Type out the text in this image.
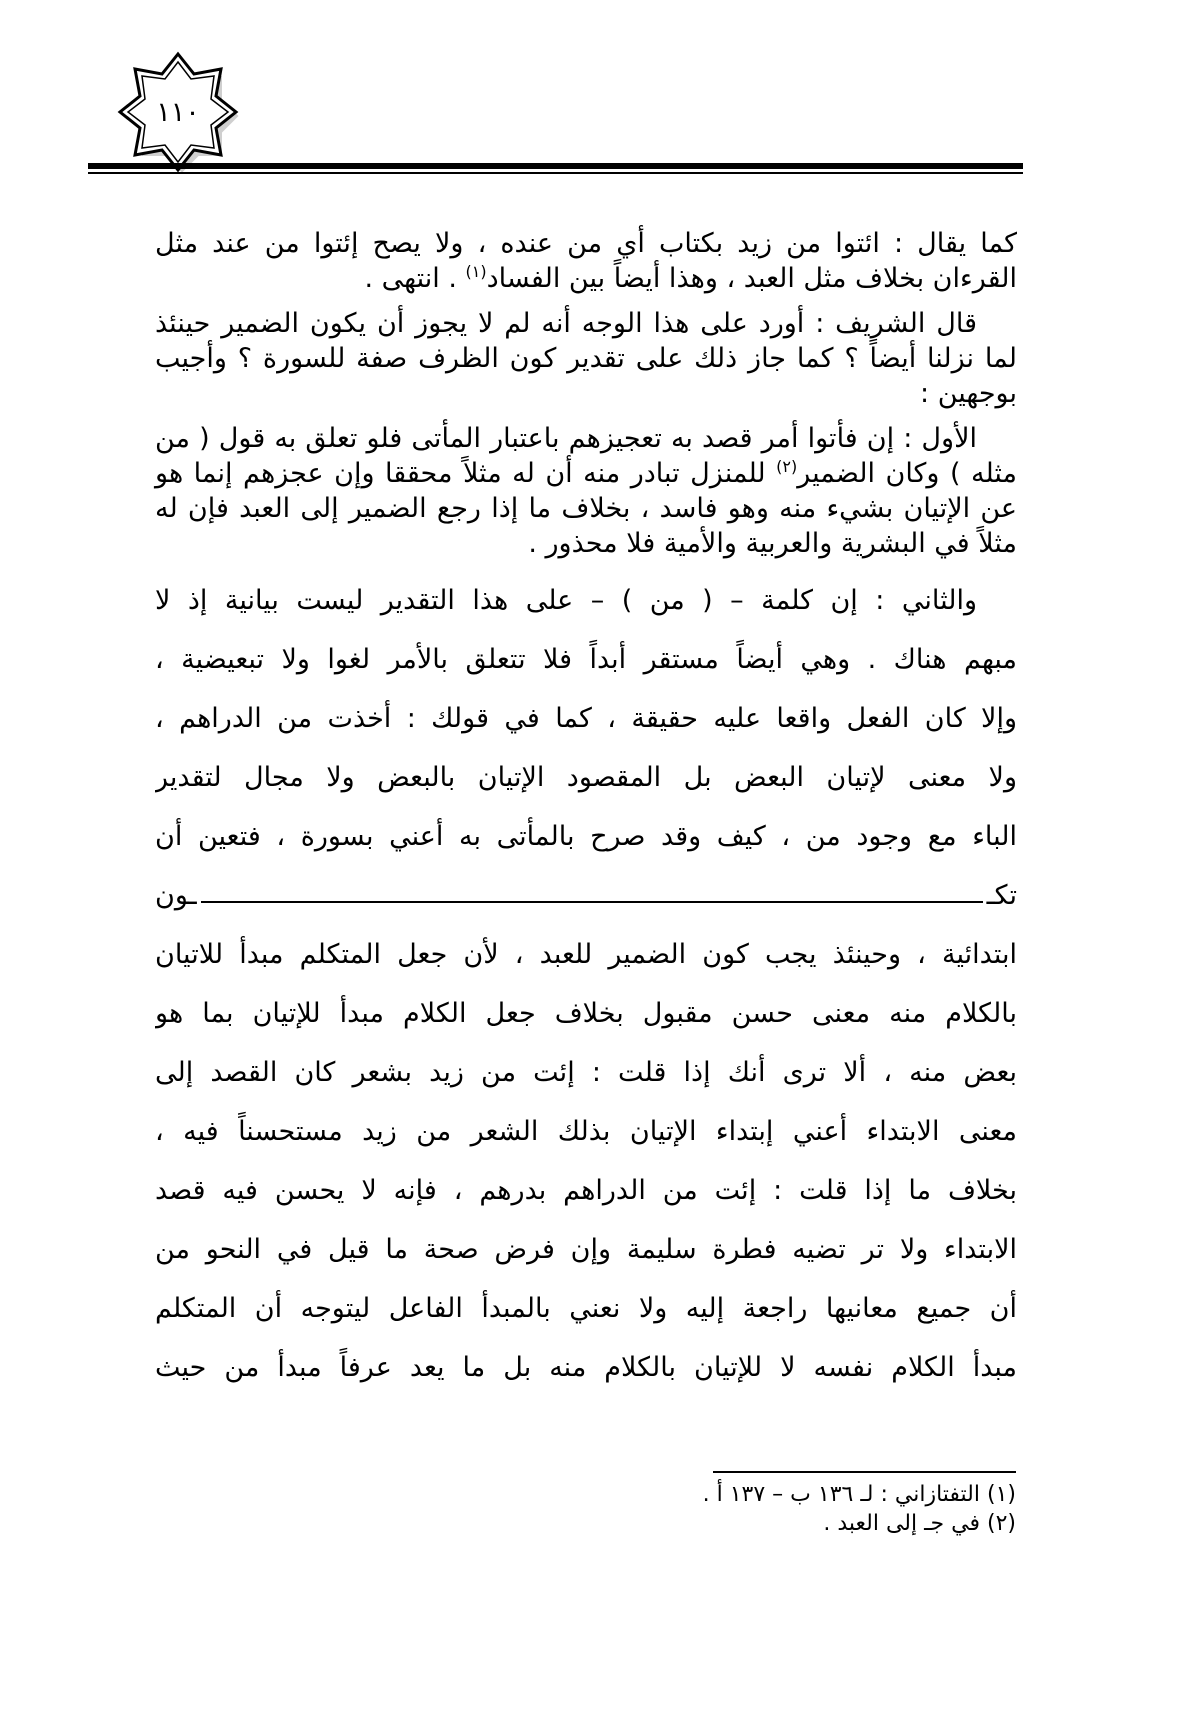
١١٠

كما يقال : ائتوا من زيد بكتاب أي من عنده ، ولا يصح إئتوا من عند مثل القرءان بخلاف مثل العبد ، وهذا أيضاً بين الفساد$^{(١)}$ . انتهى .

قال الشريف : أورد على هذا الوجه أنه لم لا يجوز أن يكون الضمير حينئذ لما نزلنا أيضاً ؟ كما جاز ذلك على تقدير كون الظرف صفة للسورة ؟ وأجيب بوجهين :

الأول : إن فأتوا أمر قصد به تعجيزهم باعتبار المأتى فلو تعلق به قول ( من مثله ) وكان الضمير$^{(٢)}$ للمنزل تبادر منه أن له مثلاً محققا وإن عجزهم إنما هو عن الإتيان بشيء منه وهو فاسد ، بخلاف ما إذا رجع الضمير إلى العبد فإن له مثلاً في البشرية والعربية والأمية فلا محذور .

والثاني : إن كلمة – ( من ) – على هذا التقدير ليست بيانية إذ لا
مبهم هناك . وهي أيضاً مستقر أبداً فلا تتعلق بالأمر لغوا ولا تبعيضية ،
وإلا كان الفعل واقعا عليه حقيقة ، كما في قولك : أخذت من الدراهم ،
ولا معنى لإتيان البعض بل المقصود الإتيان بالبعض ولا مجال لتقدير
الباء مع وجود من ، كيف وقد صرح بالمأتى به أعني بسورة ، فتعين أن
تكـ
ـون
ابتدائية ، وحينئذ يجب كون الضمير للعبد ، لأن جعل المتكلم مبدأ للاتيان
بالكلام منه معنى حسن مقبول بخلاف جعل الكلام مبدأ للإتيان بما هو
بعض منه ، ألا ترى أنك إذا قلت : إئت من زيد بشعر كان القصد إلى
معنى الابتداء أعني إبتداء الإتيان بذلك الشعر من زيد مستحسناً فيه ،
بخلاف ما إذا قلت : إئت من الدراهم بدرهم ، فإنه لا يحسن فيه قصد
الابتداء ولا تر تضيه فطرة سليمة وإن فرض صحة ما قيل في النحو من
أن جميع معانيها راجعة إليه ولا نعني بالمبدأ الفاعل ليتوجه أن المتكلم
مبدأ الكلام نفسه لا للإتيان بالكلام منه بل ما يعد عرفاً مبدأ من حيث
(١) التفتازاني : لـ ١٣٦ ب – ١٣٧ أ .
(٢) في جـ إلى العبد .
